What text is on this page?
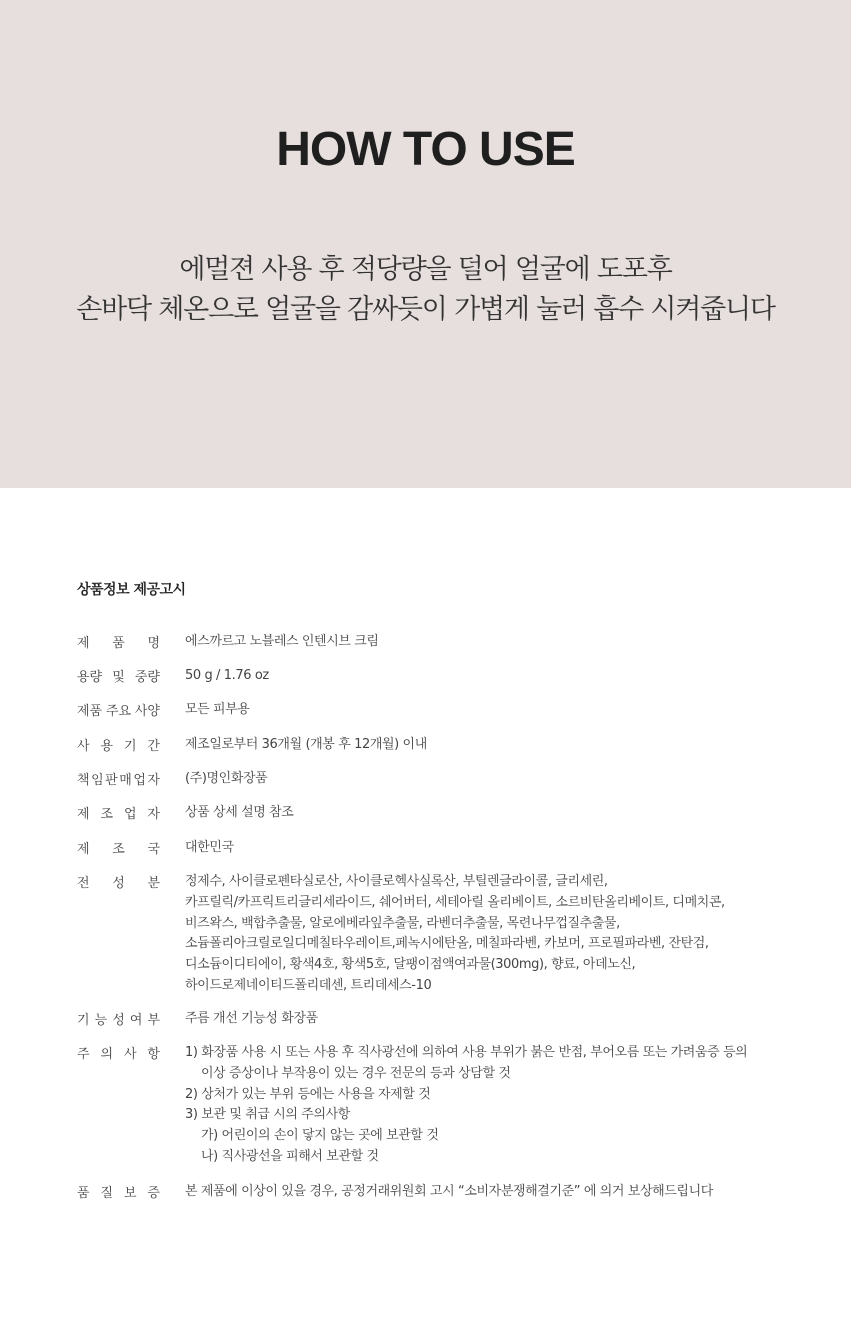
HOW TO USE

에멀젼 사용 후 적당량을 덜어 얼굴에 도포후

손바닥 체온으로 얼굴을 감싸듯이 가볍게 눌러 흡수 시켜줍니다

상품정보 제공고시
제 품 명 에스까르고 노블레스 인텐시브 크림
용량 및 중량 50 g / 1.76 oz
제품 주요 사양 모든 피부용
사 용 기 간 제조일로부터 36개월 (개봉 후 12개월) 이내
책 임 판 매 업 자 (주)명인화장품
제 조 업 자 상품 상세 설명 참조
제 조 국 대한민국
전 성 분 정제수, 사이클로펜타실로산, 사이클로헥사실록산, 부틸렌글라이콜, 글리세린,
카프릴릭/카프릭트리글리세라이드, 쉐어버터, 세테아릴 올리베이트, 소르비탄올리베이트, 디메치콘,
비즈왁스, 백합추출물, 알로에베라잎추출물, 라벤더추출물, 목련나무껍질추출물,
소듐폴리아크릴로일디메칠타우레이트,페녹시에탄올, 메칠파라벤, 카보머, 프로필파라벤, 잔탄검,
디소듐이디티에이, 황색4호, 황색5호, 달팽이점액여과물(300mg), 향료, 아데노신,
하이드로제네이티드폴리데센, 트리데세스-10
기 능 성 여 부 주름 개선 기능성 화장품
주 의 사 항 1) 화장품 사용 시 또는 사용 후 직사광선에 의하여 사용 부위가 붉은 반점, 부어오름 또는 가려움증 등의
이상 증상이나 부작용이 있는 경우 전문의 등과 상담할 것
2) 상처가 있는 부위 등에는 사용을 자제할 것
3) 보관 및 취급 시의 주의사항
가) 어린이의 손이 닿지 않는 곳에 보관할 것
나) 직사광선을 피해서 보관할 것
품 질 보 증 본 제품에 이상이 있을 경우, 공정거래위원회 고시 “소비자분쟁해결기준” 에 의거 보상해드립니다
